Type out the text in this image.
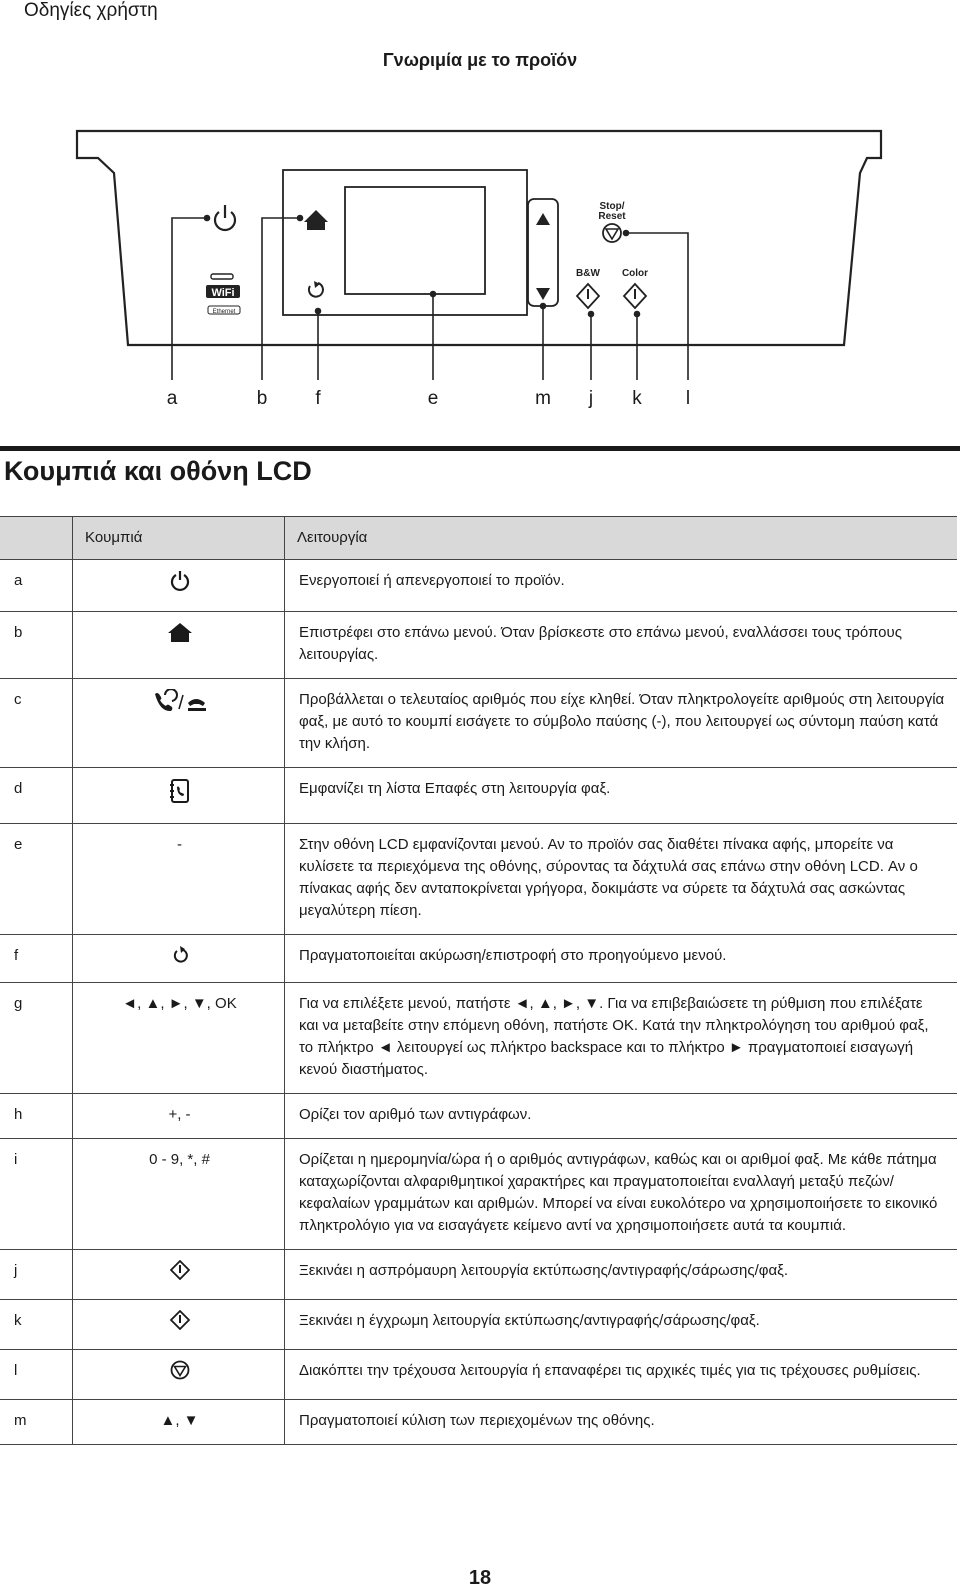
Οδηγίες χρήστη
Γνωριμία με το προϊόν
WiFi
Ethernet
Stop/
Reset
B&W Color
a	b	f	e	m j k l
Κουμπιά και οθόνη LCD
	Κουμπιά	Λειτουργία
a		Ενεργοποιεί ή απενεργοποιεί το προϊόν.
b		Επιστρέφει στο επάνω μενού. Όταν βρίσκεστε στο επάνω μενού, εναλλάσσει τους τρόπους λειτουργίας.
c		Προβάλλεται ο τελευταίος αριθμός που είχε κληθεί. Όταν πληκτρολογείτε αριθμούς στη λειτουργία φαξ, με αυτό το κουμπί εισάγετε το σύμβολο παύσης (-), που λειτουργεί ως σύντομη παύση κατά την κλήση.
d		Εμφανίζει τη λίστα Επαφές στη λειτουργία φαξ.
e	-	Στην οθόνη LCD εμφανίζονται μενού. Αν το προϊόν σας διαθέτει πίνακα αφής, μπορείτε να κυλίσετε τα περιεχόμενα της οθόνης, σύροντας τα δάχτυλά σας επάνω στην οθόνη LCD. Αν ο πίνακας αφής δεν ανταποκρίνεται γρήγορα, δοκιμάστε να σύρετε τα δάχτυλά σας ασκώντας μεγαλύτερη πίεση.
f		Πραγματοποιείται ακύρωση/επιστροφή στο προηγούμενο μενού.
g	◄, ▲, ►, ▼, OK	Για να επιλέξετε μενού, πατήστε ◄, ▲, ►, ▼. Για να επιβεβαιώσετε τη ρύθμιση που επιλέξατε και να μεταβείτε στην επόμενη οθόνη, πατήστε OK. Κατά την πληκτρολόγηση του αριθμού φαξ, το πλήκτρο ◄ λειτουργεί ως πλήκτρο backspace και το πλήκτρο ► πραγματοποιεί εισαγωγή κενού διαστήματος.
h	+, -	Ορίζει τον αριθμό των αντιγράφων.
i	0 - 9, *, #	Ορίζεται η ημερομηνία/ώρα ή ο αριθμός αντιγράφων, καθώς και οι αριθμοί φαξ. Με κάθε πάτημα καταχωρίζονται αλφαριθμητικοί χαρακτήρες και πραγματοποιείται εναλλαγή μεταξύ πεζών/κεφαλαίων γραμμάτων και αριθμών. Μπορεί να είναι ευκολότερο να χρησιμοποιήσετε το εικονικό πληκτρολόγιο για να εισαγάγετε κείμενο αντί να χρησιμοποιήσετε αυτά τα κουμπιά.
j		Ξεκινάει η ασπρόμαυρη λειτουργία εκτύπωσης/αντιγραφής/σάρωσης/φαξ.
k		Ξεκινάει η έγχρωμη λειτουργία εκτύπωσης/αντιγραφής/σάρωσης/φαξ.
l		Διακόπτει την τρέχουσα λειτουργία ή επαναφέρει τις αρχικές τιμές για τις τρέχουσες ρυθμίσεις.
m	▲, ▼	Πραγματοποιεί κύλιση των περιεχομένων της οθόνης.
18
